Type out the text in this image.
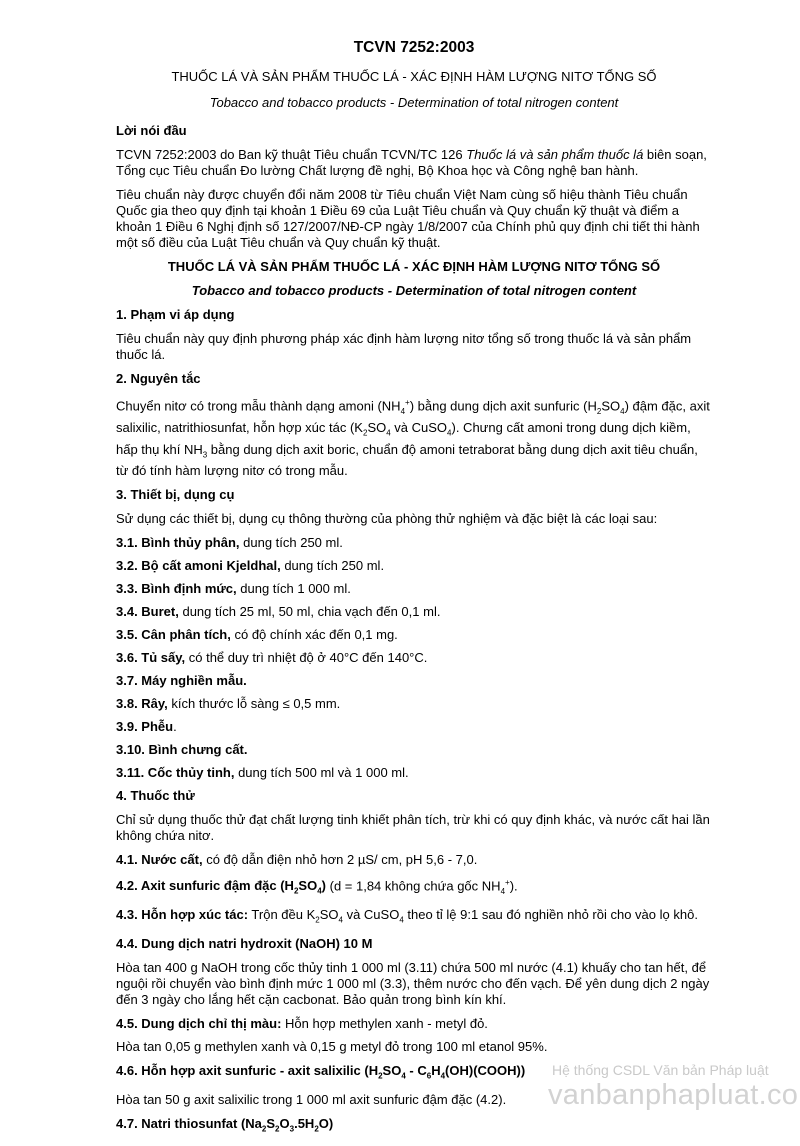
TCVN 7252:2003
THUỐC LÁ VÀ SẢN PHẨM THUỐC LÁ - XÁC ĐỊNH HÀM LƯỢNG NITƠ TỔNG SỐ
Tobacco and tobacco products - Determination of total nitrogen content
Lời nói đầu

TCVN 7252:2003 do Ban kỹ thuật Tiêu chuẩn TCVN/TC 126 Thuốc lá và sản phẩm thuốc lá biên soạn, Tổng cục Tiêu chuẩn Đo lường Chất lượng đề nghị, Bộ Khoa học và Công nghệ ban hành.

Tiêu chuẩn này được chuyển đổi năm 2008 từ Tiêu chuẩn Việt Nam cùng số hiệu thành Tiêu chuẩn Quốc gia theo quy định tại khoản 1 Điều 69 của Luật Tiêu chuẩn và Quy chuẩn kỹ thuật và điểm a khoản 1 Điều 6 Nghị định số 127/2007/NĐ-CP ngày 1/8/2007 của Chính phủ quy định chi tiết thi hành một số điều của Luật Tiêu chuẩn và Quy chuẩn kỹ thuật.

THUỐC LÁ VÀ SẢN PHẨM THUỐC LÁ - XÁC ĐỊNH HÀM LƯỢNG NITƠ TỔNG SỐ
Tobacco and tobacco products - Determination of total nitrogen content
1. Phạm vi áp dụng

Tiêu chuẩn này quy định phương pháp xác định hàm lượng nitơ tổng số trong thuốc lá và sản phẩm thuốc lá.

2. Nguyên tắc

Chuyển nitơ có trong mẫu thành dạng amoni $(NH_4^+)$ bằng dung dịch axit sunfuric $(H_2SO_4)$ đậm đặc, axit salixilic, natrithiosunfat, hỗn hợp xúc tác ($K_2SO_4$ và CuSO$_4$). Chưng cất amoni trong dung dịch kiềm, hấp thụ khí $NH_3$ bằng dung dịch axit boric, chuẩn độ amoni tetraborat bằng dung dịch axit tiêu chuẩn, từ đó tính hàm lượng nitơ có trong mẫu.

3. Thiết bị, dụng cụ

Sử dụng các thiết bị, dụng cụ thông thường của phòng thử nghiệm và đặc biệt là các loại sau:

3.1. Bình thủy phân, dung tích 250 ml.

3.2. Bộ cất amoni Kjeldhal, dung tích 250 ml.

3.3. Bình định mức, dung tích 1 000 ml.

3.4. Buret, dung tích 25 ml, 50 ml, chia vạch đến 0,1 ml.

3.5. Cân phân tích, có độ chính xác đến 0,1 mg.

3.6. Tủ sấy, có thể duy trì nhiệt độ ở 40°C đến 140°C.

3.7. Máy nghiền mẫu.

3.8. Rây, kích thước lỗ sàng ≤ 0,5 mm.

3.9. Phễu.

3.10. Bình chưng cất.

3.11. Cốc thủy tinh, dung tích 500 ml và 1 000 ml.

4. Thuốc thử

Chỉ sử dụng thuốc thử đạt chất lượng tinh khiết phân tích, trừ khi có quy định khác, và nước cất hai lần không chứa nitơ.

4.1. Nước cất, có độ dẫn điện nhỏ hơn 2 µS/ cm, pH 5,6 - 7,0.

4.2. Axit sunfuric đậm đặc $(H_2SO_4) (d = 1,84$ không chứa gốc $NH_4^+$).

4.3. Hỗn hợp xúc tác: Trộn đều $K_2SO_4$ và CuSO$_4$ theo tỉ lệ 9:1 sau đó nghiền nhỏ rồi cho vào lọ khô.

4.4. Dung dịch natri hydroxit (NaOH) 10 M

Hòa tan 400 g NaOH trong cốc thủy tinh 1 000 ml (3.11) chứa 500 ml nước (4.1) khuấy cho tan hết, để nguội rồi chuyển vào bình định mức 1 000 ml (3.3), thêm nước cho đến vạch. Để yên dung dịch 2 ngày đến 3 ngày cho lắng hết cặn cacbonat. Bảo quản trong bình kín khí.

4.5. Dung dịch chỉ thị màu: Hỗn hợp methylen xanh - metyl đỏ.

Hòa tan 0,05 g methylen xanh và 0,15 g metyl đỏ trong 100 ml etanol 95%.

4.6. Hỗn hợp axit sunfuric - axit salixilic ($H_2SO_4$ - $C_6H_4(OH)(COOH)$)

Hòa tan 50 g axit salixilic trong 1 000 ml axit sunfuric đậm đặc (4.2).

4.7. Natri thiosunfat $(Na_2S_2O_3.5H_2O)$
Hệ thống CSDL Văn bản Pháp luật
vanbanphapluat.co
